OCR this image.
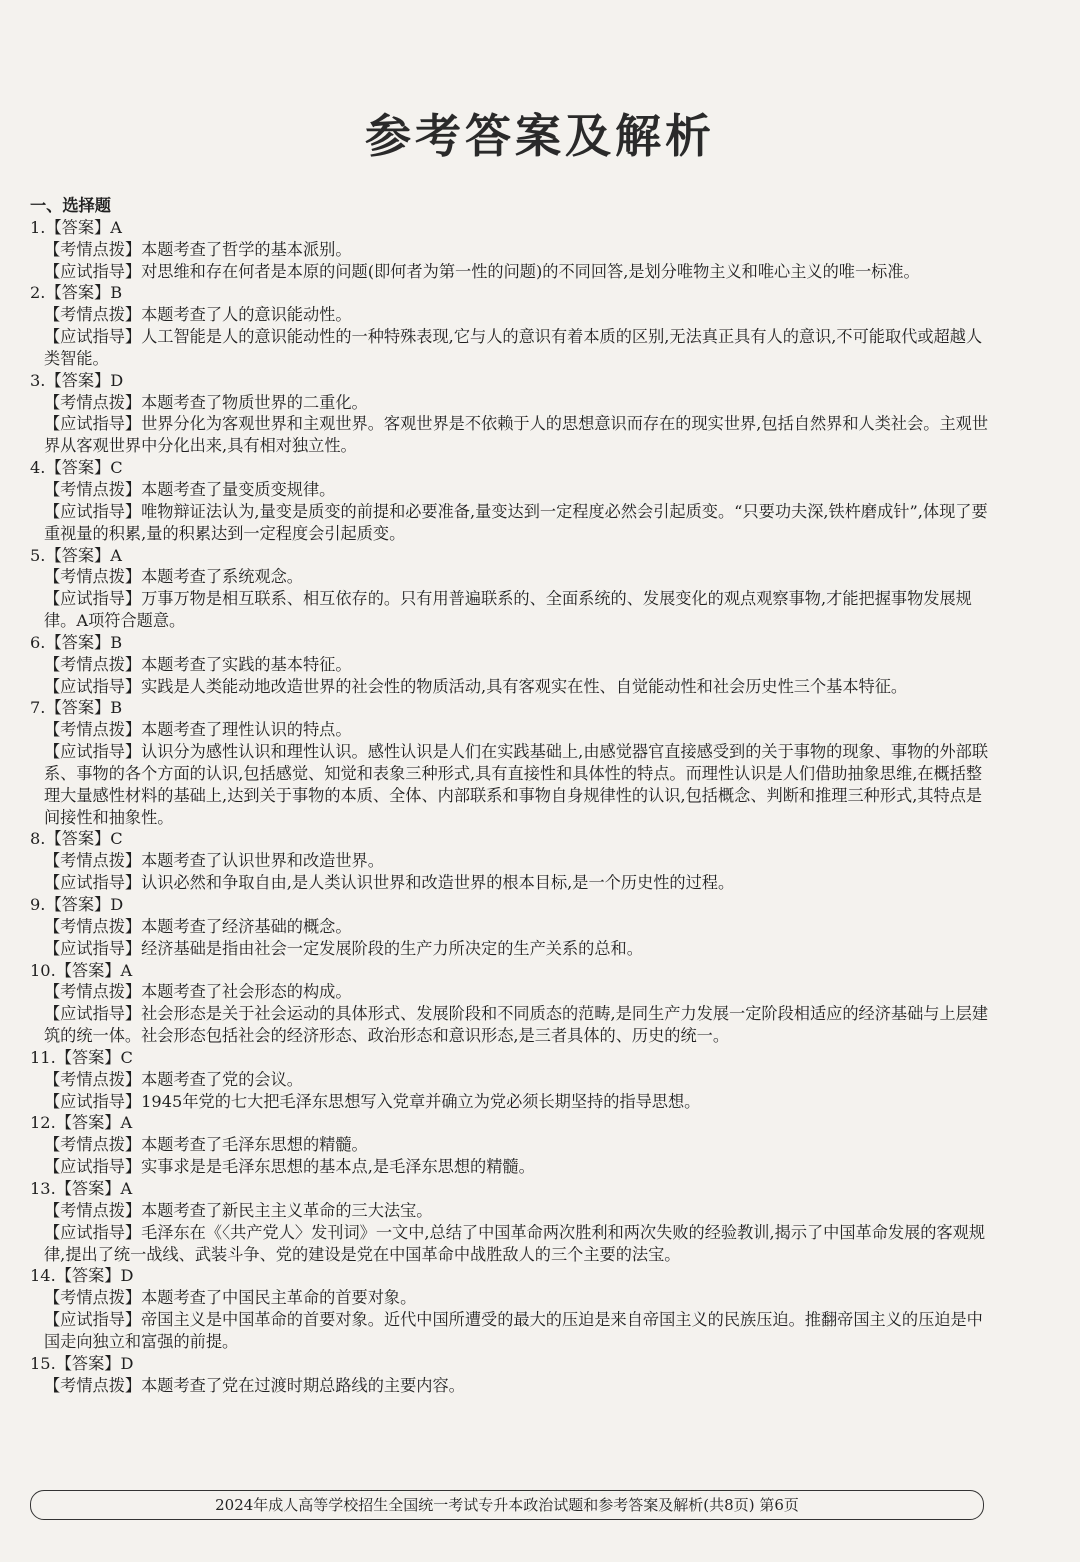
参考答案及解析
一、选择题
1.【答案】A
【考情点拨】本题考查了哲学的基本派别。
【应试指导】对思维和存在何者是本原的问题(即何者为第一性的问题)的不同回答,是划分唯物主义和唯心主义的唯一标准。
2.【答案】B
【考情点拨】本题考查了人的意识能动性。
【应试指导】人工智能是人的意识能动性的一种特殊表现,它与人的意识有着本质的区别,无法真正具有人的意识,不可能取代或超越人类智能。
3.【答案】D
【考情点拨】本题考查了物质世界的二重化。
【应试指导】世界分化为客观世界和主观世界。客观世界是不依赖于人的思想意识而存在的现实世界,包括自然界和人类社会。主观世界从客观世界中分化出来,具有相对独立性。
4.【答案】C
【考情点拨】本题考查了量变质变规律。
【应试指导】唯物辩证法认为,量变是质变的前提和必要准备,量变达到一定程度必然会引起质变。“只要功夫深,铁杵磨成针”,体现了要重视量的积累,量的积累达到一定程度会引起质变。
5.【答案】A
【考情点拨】本题考查了系统观念。
【应试指导】万事万物是相互联系、相互依存的。只有用普遍联系的、全面系统的、发展变化的观点观察事物,才能把握事物发展规律。A项符合题意。
6.【答案】B
【考情点拨】本题考查了实践的基本特征。
【应试指导】实践是人类能动地改造世界的社会性的物质活动,具有客观实在性、自觉能动性和社会历史性三个基本特征。
7.【答案】B
【考情点拨】本题考查了理性认识的特点。
【应试指导】认识分为感性认识和理性认识。感性认识是人们在实践基础上,由感觉器官直接感受到的关于事物的现象、事物的外部联系、事物的各个方面的认识,包括感觉、知觉和表象三种形式,具有直接性和具体性的特点。而理性认识是人们借助抽象思维,在概括整理大量感性材料的基础上,达到关于事物的本质、全体、内部联系和事物自身规律性的认识,包括概念、判断和推理三种形式,其特点是间接性和抽象性。
8.【答案】C
【考情点拨】本题考查了认识世界和改造世界。
【应试指导】认识必然和争取自由,是人类认识世界和改造世界的根本目标,是一个历史性的过程。
9.【答案】D
【考情点拨】本题考查了经济基础的概念。
【应试指导】经济基础是指由社会一定发展阶段的生产力所决定的生产关系的总和。
10.【答案】A
【考情点拨】本题考查了社会形态的构成。
【应试指导】社会形态是关于社会运动的具体形式、发展阶段和不同质态的范畴,是同生产力发展一定阶段相适应的经济基础与上层建筑的统一体。社会形态包括社会的经济形态、政治形态和意识形态,是三者具体的、历史的统一。
11.【答案】C
【考情点拨】本题考查了党的会议。
【应试指导】1945年党的七大把毛泽东思想写入党章并确立为党必须长期坚持的指导思想。
12.【答案】A
【考情点拨】本题考查了毛泽东思想的精髓。
【应试指导】实事求是是毛泽东思想的基本点,是毛泽东思想的精髓。
13.【答案】A
【考情点拨】本题考查了新民主主义革命的三大法宝。
【应试指导】毛泽东在《〈共产党人〉发刊词》一文中,总结了中国革命两次胜利和两次失败的经验教训,揭示了中国革命发展的客观规律,提出了统一战线、武装斗争、党的建设是党在中国革命中战胜敌人的三个主要的法宝。
14.【答案】D
【考情点拨】本题考查了中国民主革命的首要对象。
【应试指导】帝国主义是中国革命的首要对象。近代中国所遭受的最大的压迫是来自帝国主义的民族压迫。推翻帝国主义的压迫是中国走向独立和富强的前提。
15.【答案】D
【考情点拨】本题考查了党在过渡时期总路线的主要内容。
2024年成人高等学校招生全国统一考试专升本政治试题和参考答案及解析(共8页) 第6页
